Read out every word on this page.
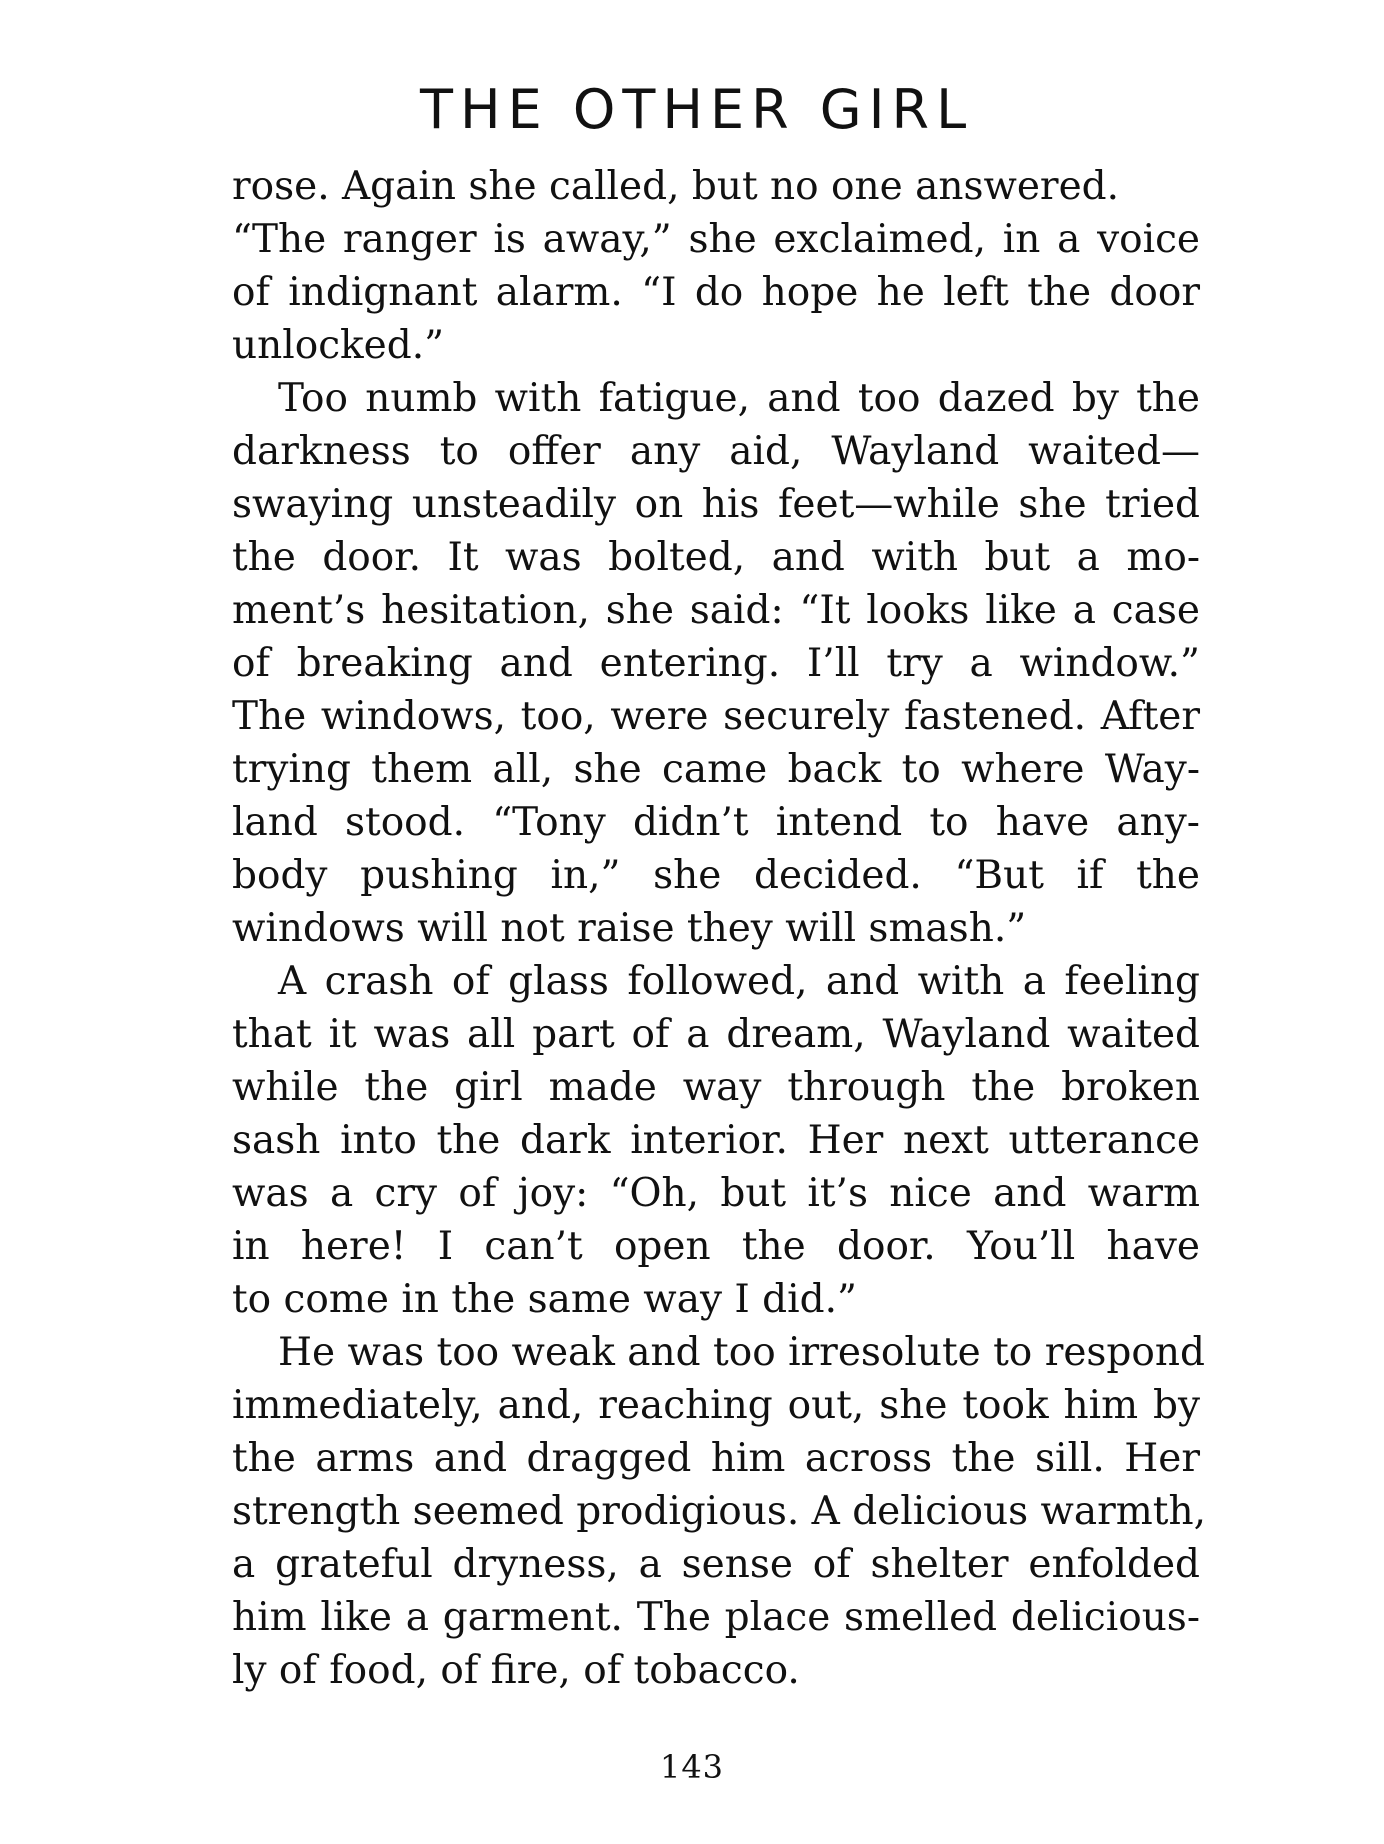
THE OTHER GIRL
rose. Again she called, but no one answered.
“The ranger is away,” she exclaimed, in a voice
of indignant alarm. “I do hope he left the door
unlocked.”
Too numb with fatigue, and too dazed by the
darkness to offer any aid, Wayland waited—
swaying unsteadily on his feet—while she tried
the door. It was bolted, and with but a mo-
ment’s hesitation, she said: “It looks like a case
of breaking and entering. I’ll try a window.”
The windows, too, were securely fastened. After
trying them all, she came back to where Way-
land stood. “Tony didn’t intend to have any-
body pushing in,” she decided. “But if the
windows will not raise they will smash.”
A crash of glass followed, and with a feeling
that it was all part of a dream, Wayland waited
while the girl made way through the broken
sash into the dark interior. Her next utterance
was a cry of joy: “Oh, but it’s nice and warm
in here! I can’t open the door. You’ll have
to come in the same way I did.”
He was too weak and too irresolute to respond
immediately, and, reaching out, she took him by
the arms and dragged him across the sill. Her
strength seemed prodigious. A delicious warmth,
a grateful dryness, a sense of shelter enfolded
him like a garment. The place smelled delicious-
ly of food, of fire, of tobacco.
143
